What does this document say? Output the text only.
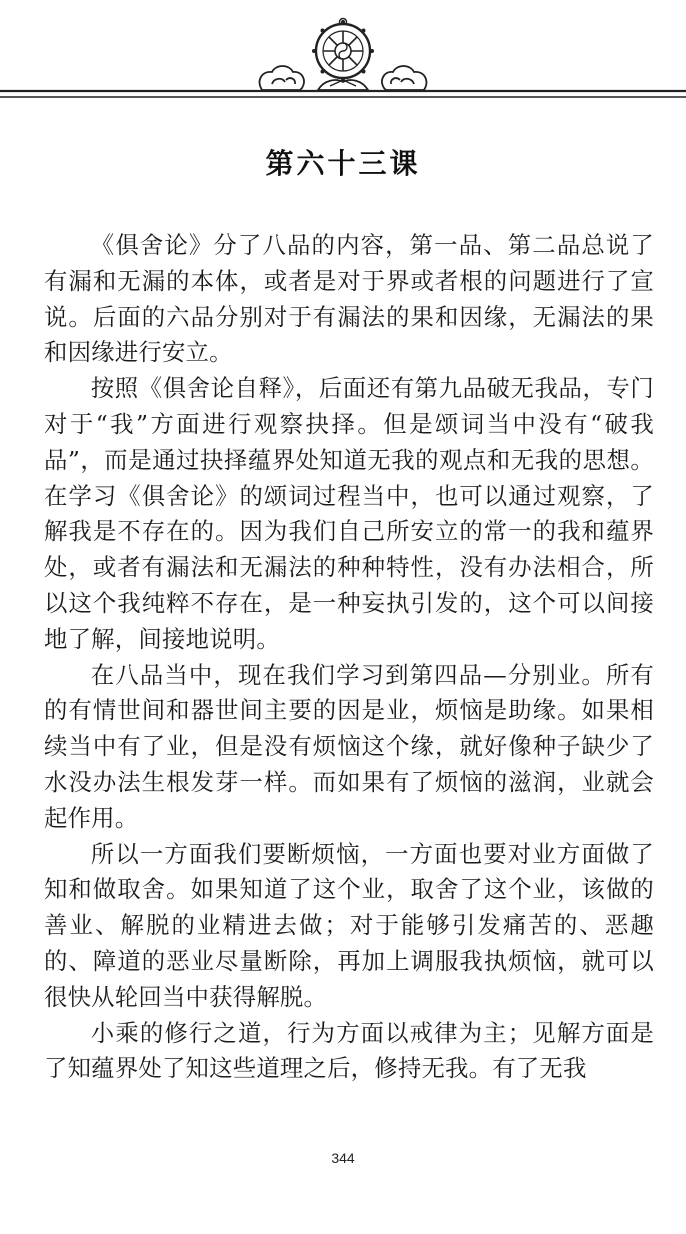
第六十三课

《俱舍论》分了八品的内容，第一品、第二品总说了有漏和无漏的本体，或者是对于界或者根的问题进行了宣说。后面的六品分别对于有漏法的果和因缘，无漏法的果和因缘进行安立。

按照《俱舍论自释》，后面还有第九品破无我品，专门对于“我”方面进行观察抉择。但是颂词当中没有“破我品”，而是通过抉择蕴界处知道无我的观点和无我的思想。在学习《俱舍论》的颂词过程当中，也可以通过观察，了解我是不存在的。因为我们自己所安立的常一的我和蕴界处，或者有漏法和无漏法的种种特性，没有办法相合，所以这个我纯粹不存在，是一种妄执引发的，这个可以间接地了解，间接地说明。

在八品当中，现在我们学习到第四品—分别业。所有的有情世间和器世间主要的因是业，烦恼是助缘。如果相续当中有了业，但是没有烦恼这个缘，就好像种子缺少了水没办法生根发芽一样。而如果有了烦恼的滋润，业就会起作用。

所以一方面我们要断烦恼，一方面也要对业方面做了知和做取舍。如果知道了这个业，取舍了这个业，该做的善业、解脱的业精进去做；对于能够引发痛苦的、恶趣的、障道的恶业尽量断除，再加上调服我执烦恼，就可以很快从轮回当中获得解脱。

小乘的修行之道，行为方面以戒律为主；见解方面是了知蕴界处了知这些道理之后，修持无我。有了无我

344
